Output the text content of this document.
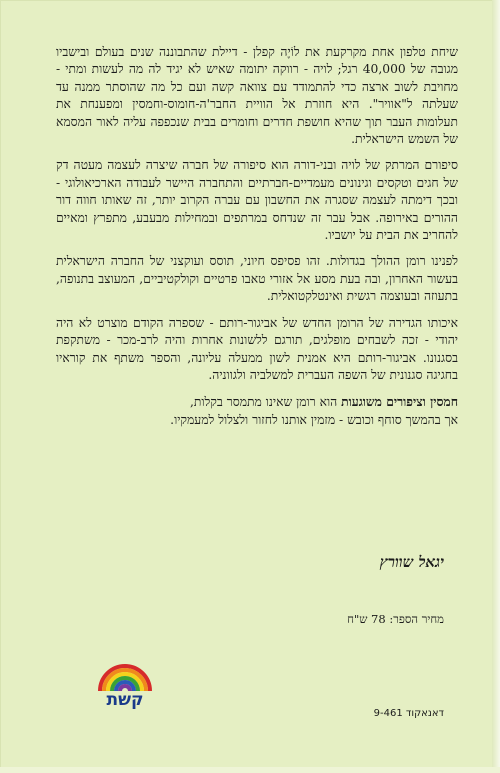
שיחת טלפון אחת מקרקעת את לוֹיֶה קפלן - דיילת שהתבוננה שנים בעולם ובישביו מגובה של 40,000 רגל; לויה - רווקה יתומה שאיש לא יגיד לה מה לעשות ומתי - מחויבת לשוב ארצה כדי להתמודד עם צוואה קשה ועם כל מה שהוסתר ממנה עד שעלתה ל"אוויר". היא חוזרת אל הוויית החבר'ה-חומוס-וחמסין ומפענחת את תעלומות העבר תוך שהיא חושפת חדרים וחומרים בבית שנכפפה עליה לאור המסמא של השמש הישראלית.

סיפורם המרתק של לויה ובני-דורה הוא סיפורה של חברה שיצרה לעצמה מעטה דק של חגים וטקסים וגינונים מעמדיים-חברתיים והתחברה היישר לעבודה הארכיאולוגי - ובכך דימתה לעצמה שסגרה את החשבון עם עברה הקרוב יותר, זה שאותו חווה דור ההורים באירופה. אבל עבר זה שנדחס במרתפים ובמחילות מבעבע, מתפרץ ומאיים להחריב את הבית על יושביו.

לפנינו רומן ההולך בגדולות. זהו פסיפס חיוני, תוסס ועוקצני של החברה הישראלית בעשור האחרון, ובה בעת מסע אל אזורי טאבו פרטיים וקולקטיביים, המעוצב בתנופה, בתעוזה ובעוצמה רגשית ואינטלקטואלית.

איכותו הגדירה של הרומן החדש של אביגור-רותם - שספרה הקודם מוצרט לא היה יהודי - זכה לשבחים מופלגים, תורגם ללשונות אחרות והיה לרב-מכר - משתקפת בסגנונו. אביגור-רותם היא אמנית לשון ממעלה עליונה, והספר משתף את קוראיו בחגיגה סגנונית של השפה העברית למשלביה ולגווניה.

חמסין וציפורים משוגעות הוא רומן שאינו מתמסר בקלות,
אך בהמשך סוחף וכובש - מזמין אותנו לחזור ולצלול למעמקיו.

יגאל שוורץ
מחיר הספר: 78 ש"ח
קשת
דאנאקוד 9-461
